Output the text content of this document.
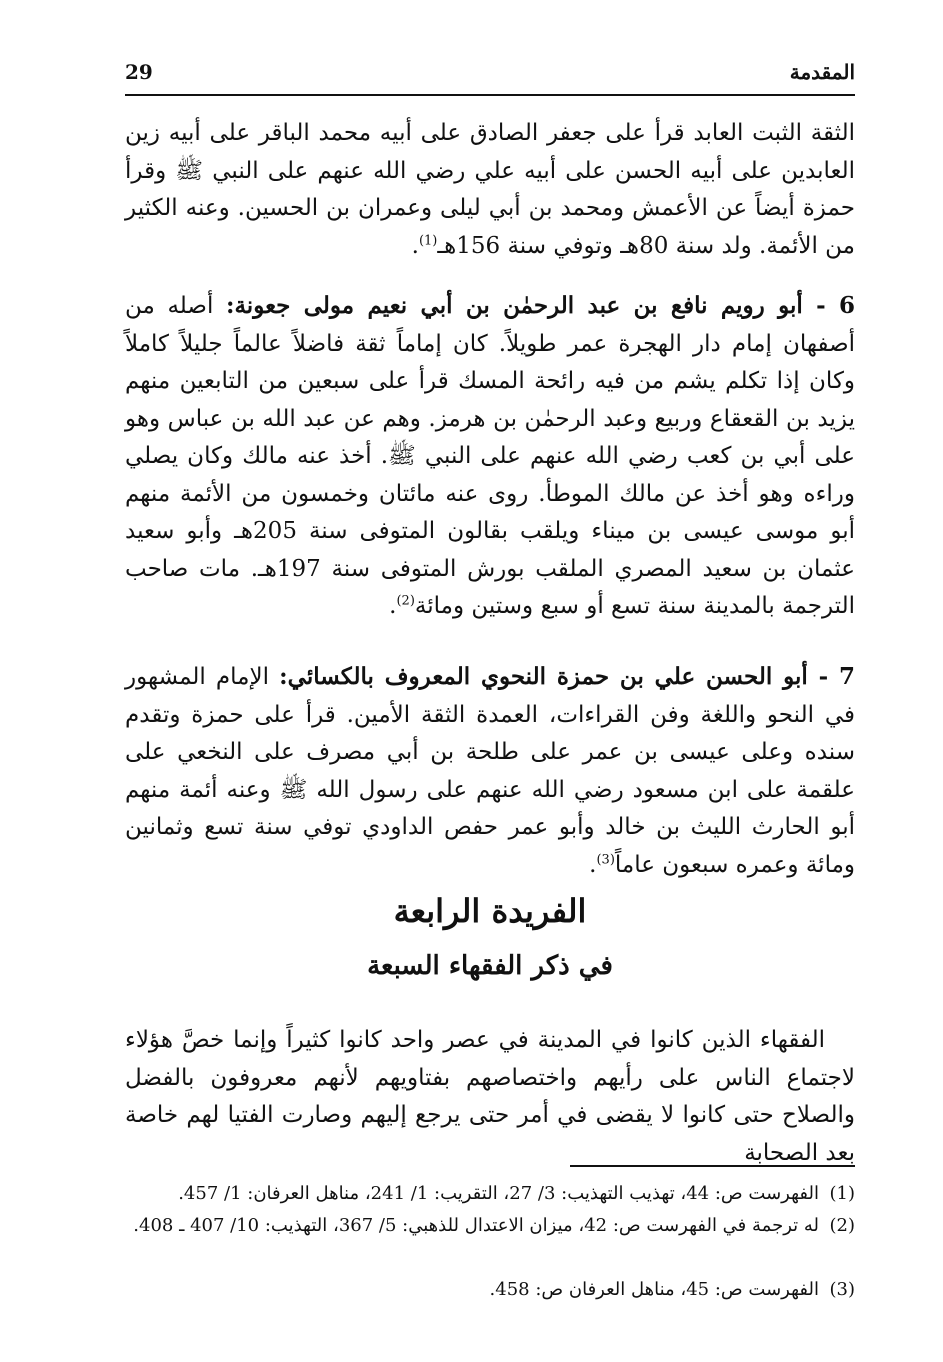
29	المقدمة
الثقة الثبت العابد قرأ على جعفر الصادق على أبيه محمد الباقر على أبيه زين العابدين على أبيه الحسن على أبيه علي رضي الله عنهم على النبي ﷺ وقرأ حمزة أيضاً عن الأعمش ومحمد بن أبي ليلى وعمران بن الحسين. وعنه الكثير من الأئمة. ولد سنة 80هـ وتوفي سنة 156هـ$^{(1)}$.
6 - أبو رويم نافع بن عبد الرحمٰن بن أبي نعيم مولى جعونة: أصله من أصفهان إمام دار الهجرة عمر طويلاً. كان إماماً ثقة فاضلاً عالماً جليلاً كاملاً وكان إذا تكلم يشم من فيه رائحة المسك قرأ على سبعين من التابعين منهم يزيد بن القعقاع وربيع وعبد الرحمٰن بن هرمز. وهم عن عبد الله بن عباس وهو على أبي بن كعب رضي الله عنهم على النبي ﷺ. أخذ عنه مالك وكان يصلي وراءه وهو أخذ عن مالك الموطأ. روى عنه مائتان وخمسون من الأئمة منهم أبو موسى عيسى بن ميناء ويلقب بقالون المتوفى سنة 205هـ وأبو سعيد عثمان بن سعيد المصري الملقب بورش المتوفى سنة 197هـ. مات صاحب الترجمة بالمدينة سنة تسع أو سبع وستين ومائة$^{(2)}$.
7 - أبو الحسن علي بن حمزة النحوي المعروف بالكسائي: الإمام المشهور في النحو واللغة وفن القراءات، العمدة الثقة الأمين. قرأ على حمزة وتقدم سنده وعلى عيسى بن عمر على طلحة بن أبي مصرف على النخعي على علقمة على ابن مسعود رضي الله عنهم على رسول الله ﷺ وعنه أئمة منهم أبو الحارث الليث بن خالد وأبو عمر حفص الداودي توفي سنة تسع وثمانين ومائة وعمره سبعون عاماً$^{(3)}$.
الفريدة الرابعة
في ذكر الفقهاء السبعة
الفقهاء الذين كانوا في المدينة في عصر واحد كانوا كثيراً وإنما خصَّ هؤلاء لاجتماع الناس على رأيهم واختصاصهم بفتاويهم لأنهم معروفون بالفضل والصلاح حتى كانوا لا يقضى في أمر حتى يرجع إليهم وصارت الفتيا لهم خاصة بعد الصحابة
(1)
الفهرست ص: 44، تهذيب التهذيب: 3/ 27، التقريب: 1/ 241، مناهل العرفان: 1/ 457.
(2)
له ترجمة في الفهرست ص: 42، ميزان الاعتدال للذهبي: 5/ 367، التهذيب: 10/ 407 ـ 408.
(3)
الفهرست ص: 45، مناهل العرفان ص: 458.
